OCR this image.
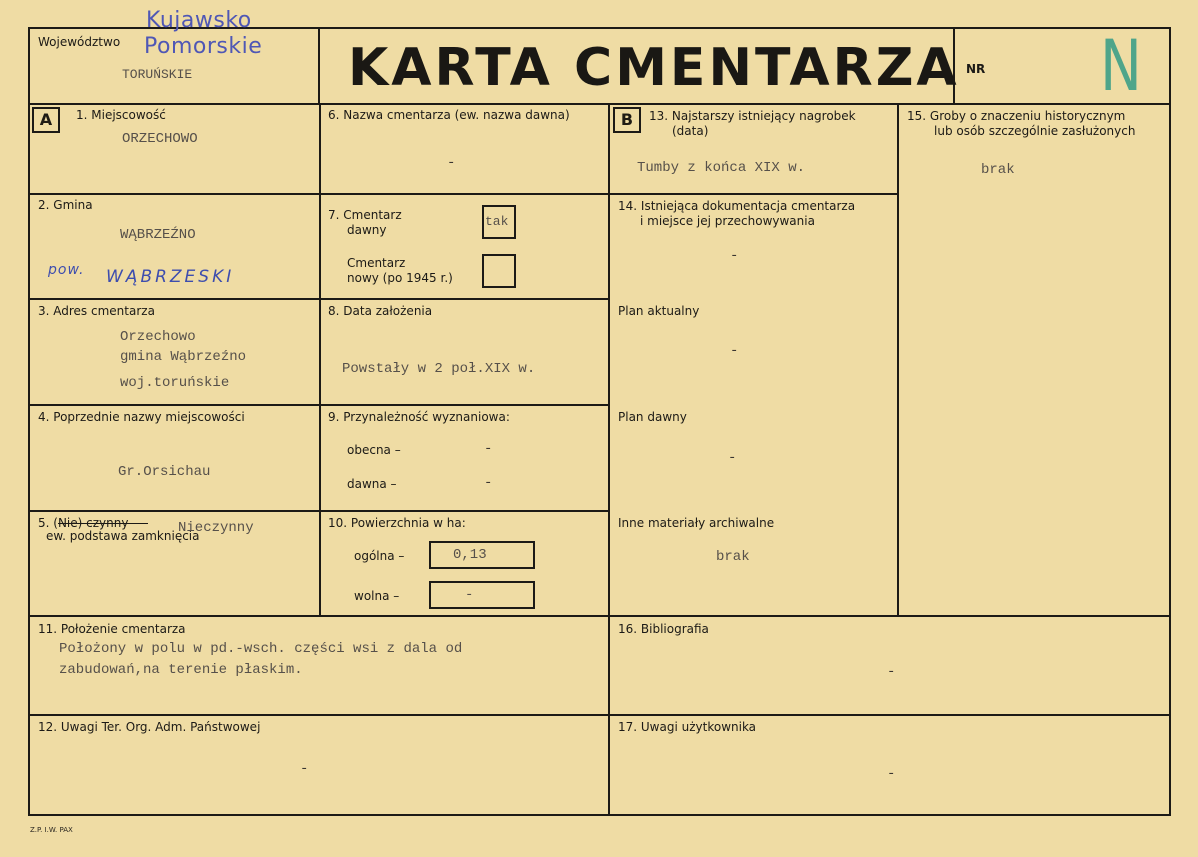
Województwo
Kujawsko
Pomorskie
TORUŃSKIE	KARTA CMENTARZA NR N
A	B
1. Miejscowość
ORZECHOWO
2. Gmina
WĄBRZEŹNO
pow. WĄBRZESKI
3. Adres cmentarza
Orzechowo
gmina Wąbrzeźno
woj.toruńskie
4. Poprzednie nazwy miejscowości
Gr.Orsichau
5. (Nie) czynny
ew. podstawa zamknięcia
Nieczynny
6. Nazwa cmentarza (ew. nazwa dawna)
-
7. Cmentarz
dawny
tak
Cmentarz
nowy (po 1945 r.)
8. Data założenia
Powstały w 2 poł.XIX w.
9. Przynależność wyznaniowa:
obecna –	-
dawna –	-
10. Powierzchnia w ha:
ogólna –	0,13
wolna –	-
11. Położenie cmentarza
Położony w polu w pd.-wsch. części wsi z dala od
zabudowań,na terenie płaskim.
12. Uwagi Ter. Org. Adm. Państwowej
-
13. Najstarszy istniejący nagrobek
(data)
Tumby z końca XIX w.
14. Istniejąca dokumentacja cmentarza
i miejsce jej przechowywania
-
Plan aktualny
-
Plan dawny
-
Inne materiały archiwalne
brak
15. Groby o znaczeniu historycznym
lub osób szczególnie zasłużonych
brak
16. Bibliografia
-
17. Uwagi użytkownika
-
Z.P. I.W. PAX
